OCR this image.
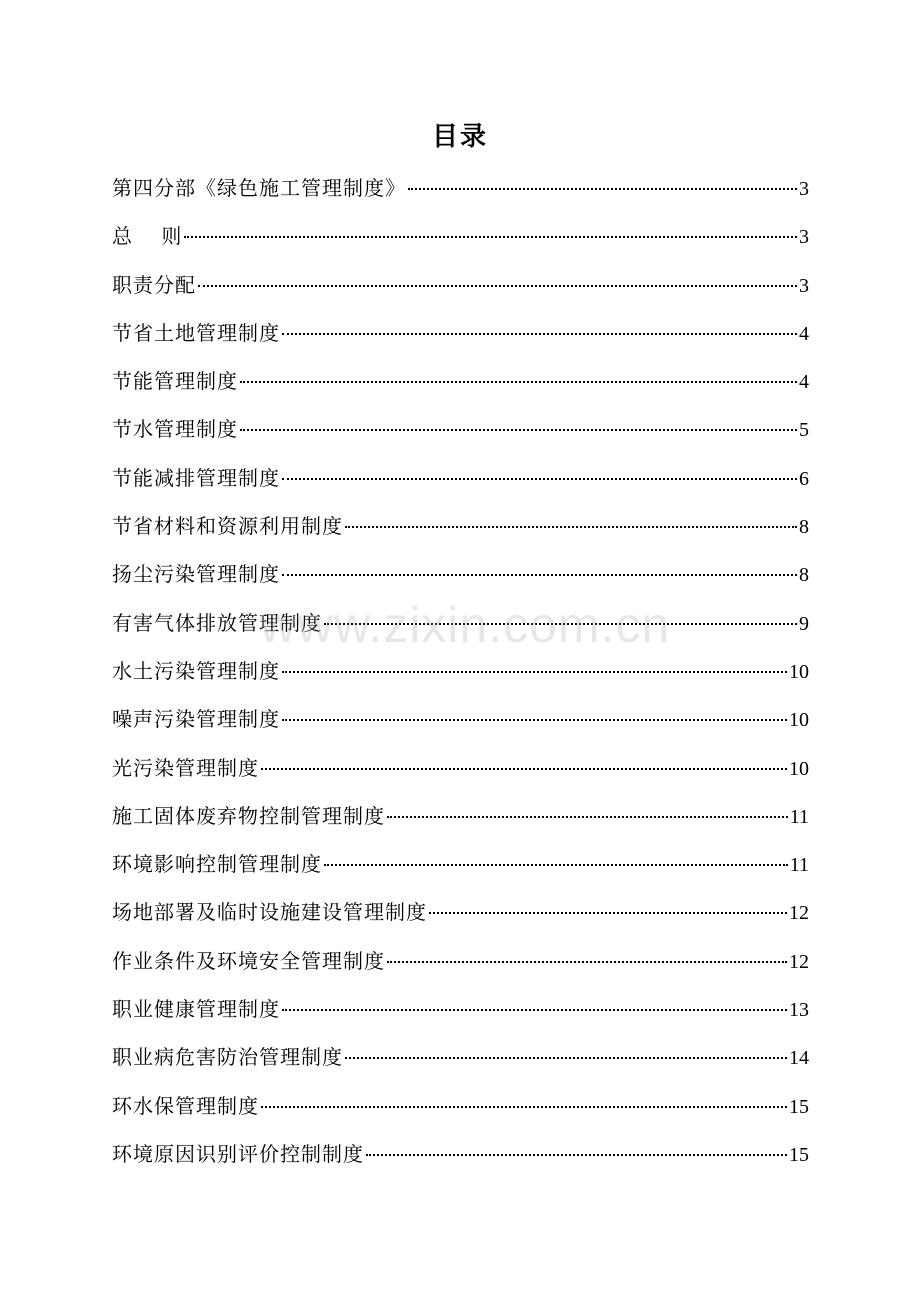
目录
第四分部《绿色施工管理制度》	3
总　 则	3
职责分配	3
节省土地管理制度	4
节能管理制度	4
节水管理制度	5
节能减排管理制度	6
节省材料和资源利用制度	8
扬尘污染管理制度	8
有害气体排放管理制度	9
水土污染管理制度	10
噪声污染管理制度	10
光污染管理制度	10
施工固体废弃物控制管理制度	11
环境影响控制管理制度	11
场地部署及临时设施建设管理制度	12
作业条件及环境安全管理制度	12
职业健康管理制度	13
职业病危害防治管理制度	14
环水保管理制度	15
环境原因识别评价控制制度	15
www.zixin.com.cn
